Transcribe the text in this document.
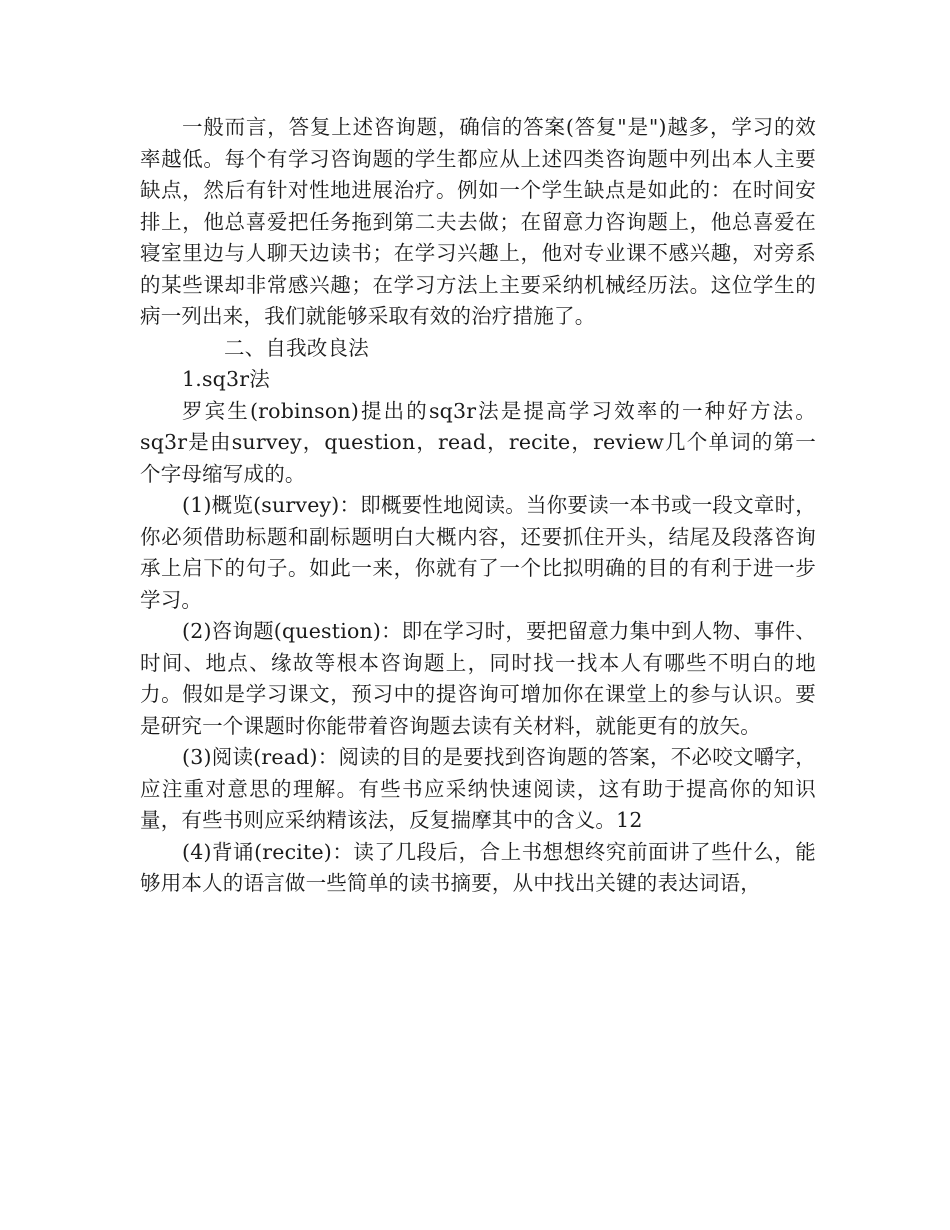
一般而言，答复上述咨询题，确信的答案(答复"是")越多，学习的效率越低。每个有学习咨询题的学生都应从上述四类咨询题中列出本人主要缺点，然后有针对性地进展治疗。例如一个学生缺点是如此的：在时间安排上，他总喜爱把任务拖到第二夫去做；在留意力咨询题上，他总喜爱在寝室里边与人聊天边读书；在学习兴趣上，他对专业课不感兴趣，对旁系的某些课却非常感兴趣；在学习方法上主要采纳机械经历法。这位学生的病一列出来，我们就能够采取有效的治疗措施了。

二、自我改良法

1.sq3r法

罗宾生(robinson)提出的sq3r法是提高学习效率的一种好方法。sq3r是由survey，question，read，recite，review几个单词的第一个字母缩写成的。

(1)概览(survey)：即概要性地阅读。当你要读一本书或一段文章时，你必须借助标题和副标题明白大概内容，还要抓住开头，结尾及段落咨询承上启下的句子。如此一来，你就有了一个比拟明确的目的有利于进一步学习。

(2)咨询题(question)：即在学习时，要把留意力集中到人物、事件、时间、地点、缘故等根本咨询题上，同时找一找本人有哪些不明白的地力。假如是学习课文，预习中的提咨询可增加你在课堂上的参与认识。要是研究一个课题时你能带着咨询题去读有关材料，就能更有的放矢。

(3)阅读(read)：阅读的目的是要找到咨询题的答案，不必咬文嚼字，应注重对意思的理解。有些书应采纳快速阅读，这有助于提高你的知识量，有些书则应采纳精该法，反复揣摩其中的含义。12

(4)背诵(recite)：读了几段后，合上书想想终究前面讲了些什么，能够用本人的语言做一些简单的读书摘要，从中找出关键的表达词语，
